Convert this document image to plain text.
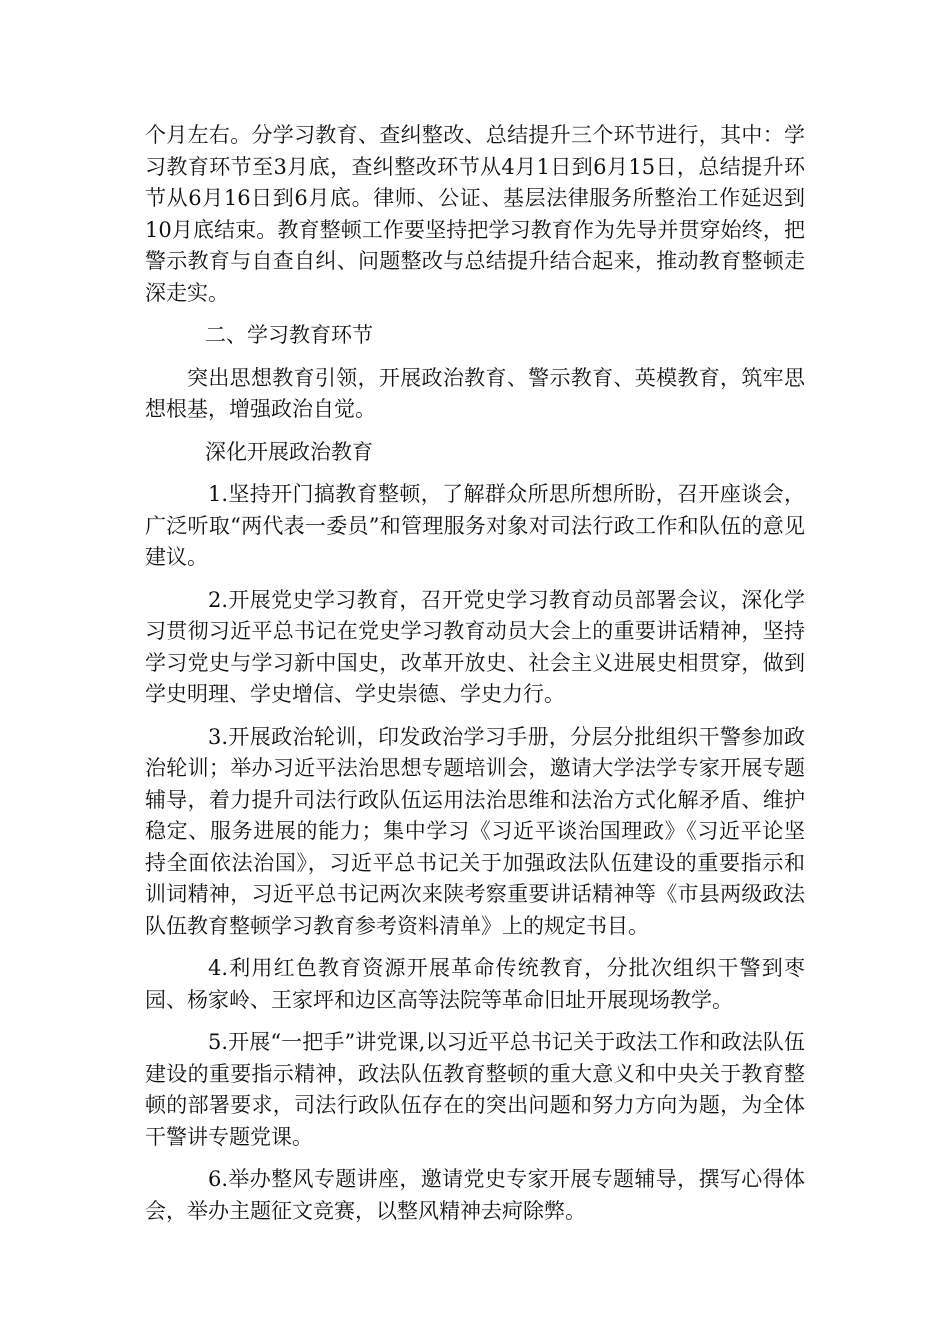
个月左右。分学习教育、查纠整改、总结提升三个环节进行，其中：学习教育环节至3月底，查纠整改环节从4月1日到6月15日，总结提升环节从6月16日到6月底。律师、公证、基层法律服务所整治工作延迟到10月底结束。教育整顿工作要坚持把学习教育作为先导并贯穿始终，把警示教育与自查自纠、问题整改与总结提升结合起来，推动教育整顿走深走实。

二、学习教育环节

突出思想教育引领，开展政治教育、警示教育、英模教育，筑牢思想根基，增强政治自觉。

深化开展政治教育

1.坚持开门搞教育整顿，了解群众所思所想所盼，召开座谈会，广泛听取“两代表一委员”和管理服务对象对司法行政工作和队伍的意见建议。

2.开展党史学习教育，召开党史学习教育动员部署会议，深化学习贯彻习近平总书记在党史学习教育动员大会上的重要讲话精神，坚持学习党史与学习新中国史，改革开放史、社会主义进展史相贯穿，做到学史明理、学史增信、学史崇德、学史力行。

3.开展政治轮训，印发政治学习手册，分层分批组织干警参加政治轮训；举办习近平法治思想专题培训会，邀请大学法学专家开展专题辅导，着力提升司法行政队伍运用法治思维和法治方式化解矛盾、维护稳定、服务进展的能力；集中学习《习近平谈治国理政》《习近平论坚持全面依法治国》，习近平总书记关于加强政法队伍建设的重要指示和训词精神，习近平总书记两次来陕考察重要讲话精神等《市县两级政法队伍教育整顿学习教育参考资料清单》上的规定书目。

4.利用红色教育资源开展革命传统教育，分批次组织干警到枣园、杨家岭、王家坪和边区高等法院等革命旧址开展现场教学。

5.开展“一把手”讲党课,以习近平总书记关于政法工作和政法队伍建设的重要指示精神，政法队伍教育整顿的重大意义和中央关于教育整顿的部署要求，司法行政队伍存在的突出问题和努力方向为题，为全体干警讲专题党课。

6.举办整风专题讲座，邀请党史专家开展专题辅导，撰写心得体会，举办主题征文竞赛，以整风精神去疴除弊。
